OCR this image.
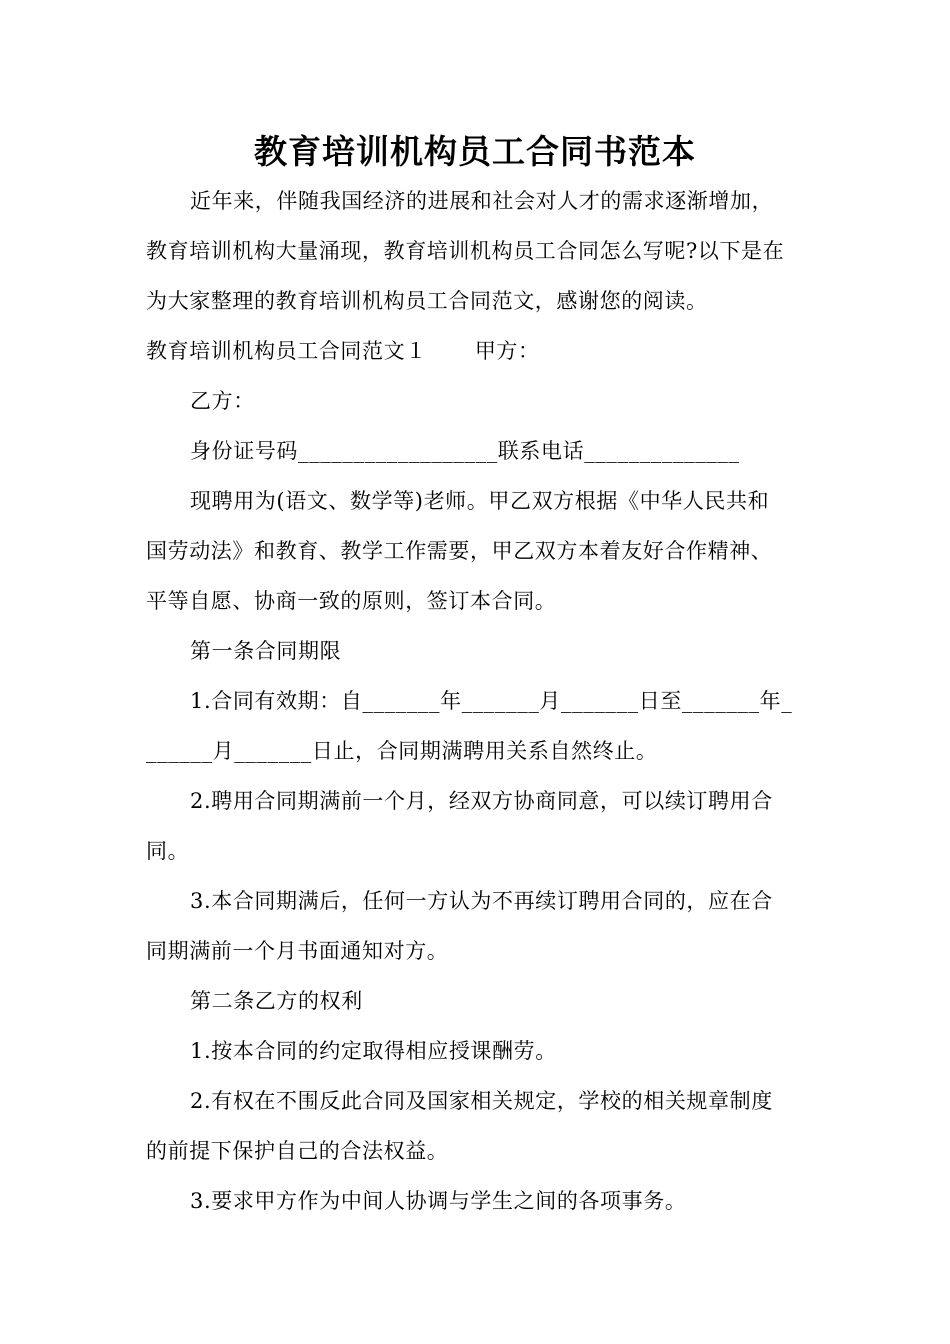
教育培训机构员工合同书范本
近年来，伴随我国经济的进展和社会对人才的需求逐渐增加，
教育培训机构大量涌现，教育培训机构员工合同怎么写呢?以下是在
为大家整理的教育培训机构员工合同范文，感谢您的阅读。
教育培训机构员工合同范文１ 甲方：
乙方：
身份证号码__________________联系电话______________
现聘用为(语文、数学等)老师。甲乙双方根据《中华人民共和
国劳动法》和教育、教学工作需要，甲乙双方本着友好合作精神、
平等自愿、协商一致的原则，签订本合同。
第一条合同期限
1.合同有效期：自_______年_______月_______日至_______年_
______月_______日止，合同期满聘用关系自然终止。
2.聘用合同期满前一个月，经双方协商同意，可以续订聘用合
同。
3.本合同期满后，任何一方认为不再续订聘用合同的，应在合
同期满前一个月书面通知对方。
第二条乙方的权利
1.按本合同的约定取得相应授课酬劳。
2.有权在不围反此合同及国家相关规定，学校的相关规章制度
的前提下保护自己的合法权益。
3.要求甲方作为中间人协调与学生之间的各项事务。
